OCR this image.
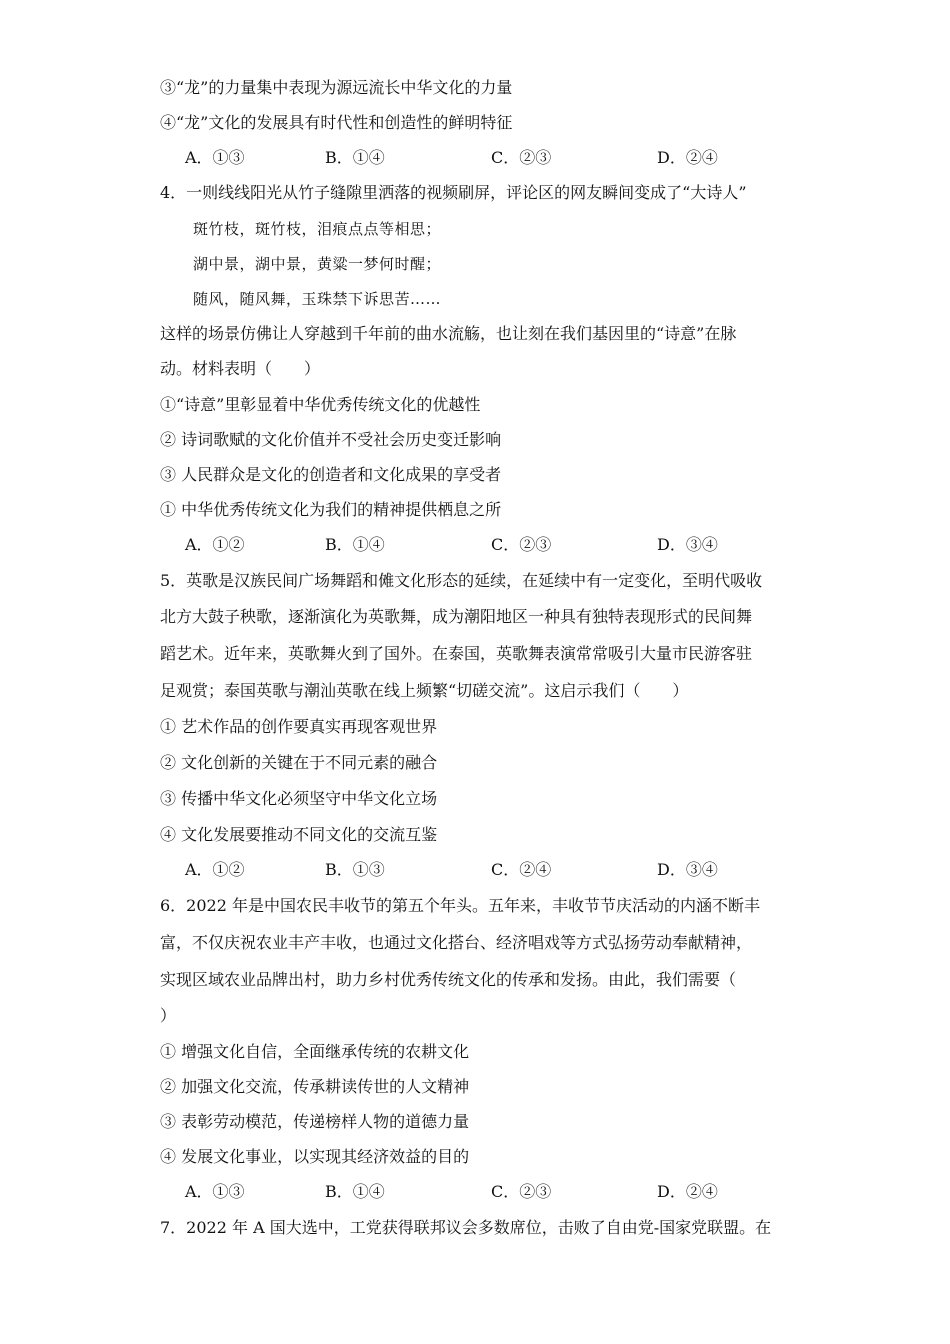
③“龙”的力量集中表现为源远流长中华文化的力量
④“龙”文化的发展具有时代性和创造性的鲜明特征
A．①③	B．①④	C．②③	D．②④
4．一则线线阳光从竹子缝隙里洒落的视频刷屏，评论区的网友瞬间变成了“大诗人”
斑竹枝，斑竹枝，泪痕点点等相思；
湖中景，湖中景，黄粱一梦何时醒；
随风，随风舞，玉珠禁下诉思苦……
这样的场景仿佛让人穿越到千年前的曲水流觞，也让刻在我们基因里的“诗意”在脉
动。材料表明（　　）
①“诗意”里彰显着中华优秀传统文化的优越性
② 诗词歌赋的文化价值并不受社会历史变迁影响
③ 人民群众是文化的创造者和文化成果的享受者
① 中华优秀传统文化为我们的精神提供栖息之所
A．①②	B．①④	C．②③	D．③④
5．英歌是汉族民间广场舞蹈和傩文化形态的延续，在延续中有一定变化，至明代吸收
北方大鼓子秧歌，逐渐演化为英歌舞，成为潮阳地区一种具有独特表现形式的民间舞
蹈艺术。近年来，英歌舞火到了国外。在泰国，英歌舞表演常常吸引大量市民游客驻
足观赏；泰国英歌与潮汕英歌在线上频繁“切磋交流”。这启示我们（　　）
① 艺术作品的创作要真实再现客观世界
② 文化创新的关键在于不同元素的融合
③ 传播中华文化必须坚守中华文化立场
④ 文化发展要推动不同文化的交流互鉴
A．①②	B．①③	C．②④	D．③④
6．2022 年是中国农民丰收节的第五个年头。五年来，丰收节节庆活动的内涵不断丰
富，不仅庆祝农业丰产丰收，也通过文化搭台、经济唱戏等方式弘扬劳动奉献精神，
实现区域农业品牌出村，助力乡村优秀传统文化的传承和发扬。由此，我们需要（
）
① 增强文化自信，全面继承传统的农耕文化
② 加强文化交流，传承耕读传世的人文精神
③ 表彰劳动模范，传递榜样人物的道德力量
④ 发展文化事业，以实现其经济效益的目的
A．①③	B．①④	C．②③	D．②④
7．2022 年 A 国大选中，工党获得联邦议会多数席位，击败了自由党-国家党联盟。在
